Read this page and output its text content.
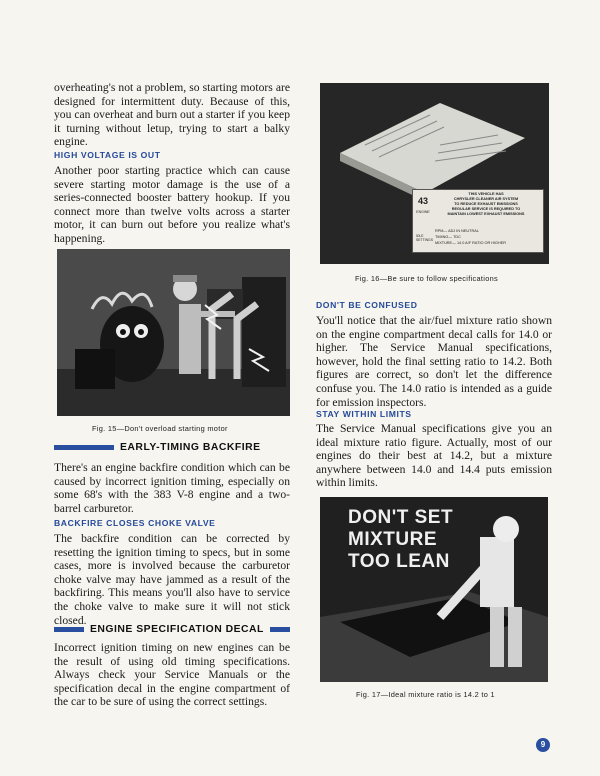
overheating's not a problem, so starting motors are designed for intermittent duty. Because of this, you can overheat and burn out a starter if you keep it turning without letup, trying to start a balky engine.

HIGH VOLTAGE IS OUT

Another poor starting practice which can cause severe starting motor damage is the use of a series-connected booster battery hookup. If you connect more than twelve volts across a starter motor, it can burn out before you realize what's happening.

Fig. 15—Don't overload starting motor

EARLY-TIMING BACKFIRE

There's an engine backfire condition which can be caused by incorrect ignition timing, especially on some 68's with the 383 V-8 engine and a two-barrel carburetor.

BACKFIRE CLOSES CHOKE VALVE

The backfire condition can be corrected by resetting the ignition timing to specs, but in some cases, more is involved because the carburetor choke valve may have jammed as a result of the backfiring. This means you'll also have to service the choke valve to make sure it will not stick closed.

ENGINE SPECIFICATION DECAL

Incorrect ignition timing on new engines can be the result of using old timing specifications. Always check your Service Manuals or the specification decal in the engine compartment of the car to be sure of using the correct settings.

43
ENGINE
THIS VEHICLE HAS
CHRYSLER CLEANER AIR SYSTEM
TO REDUCE EXHAUST EMISSIONS
REGULAR SERVICE IS REQUIRED TO
MAINTAIN LOWEST EXHAUST EMISSIONS
IDLE SETTINGS
RPM— ADJ IN NEUTRAL
TIMING— TDC
MIXTURE— 14.0 A/F RATIO OR HIGHER

Fig. 16—Be sure to follow specifications

DON'T BE CONFUSED

You'll notice that the air/fuel mixture ratio shown on the engine compartment decal calls for 14.0 or higher. The Service Manual specifications, however, hold the final setting ratio to 14.2. Both figures are correct, so don't let the difference confuse you. The 14.0 ratio is intended as a guide for emission inspectors.

STAY WITHIN LIMITS

The Service Manual specifications give you an ideal mixture ratio figure. Actually, most of our engines do their best at 14.2, but a mixture anywhere between 14.0 and 14.4 puts emission within limits.

DON'T SET
MIXTURE
TOO LEAN

Fig. 17—Ideal mixture ratio is 14.2 to 1

9
